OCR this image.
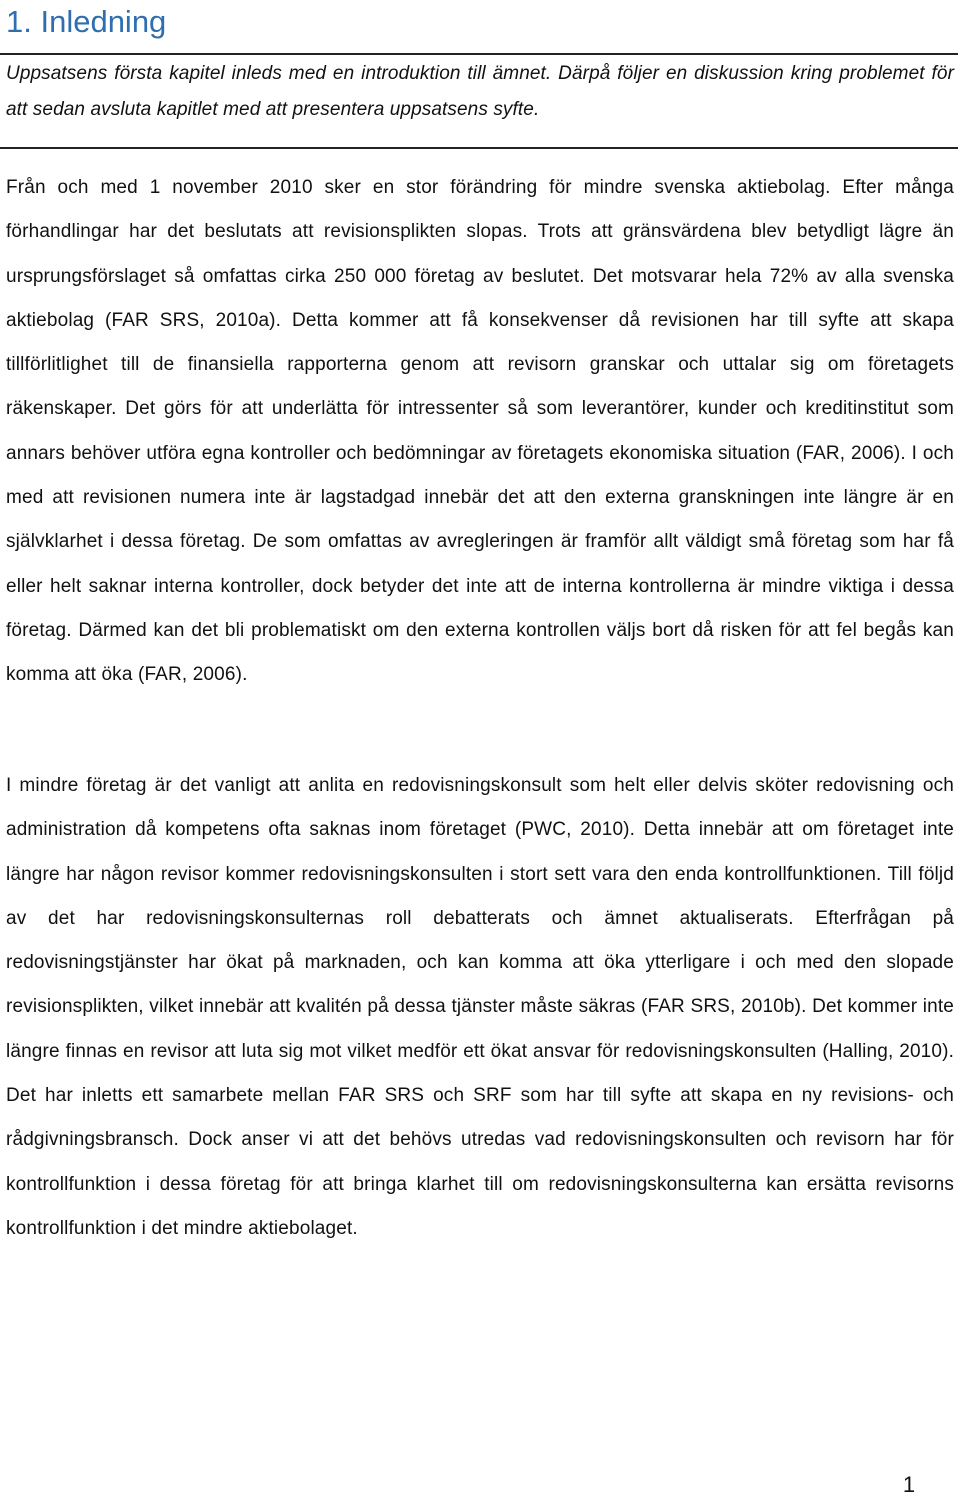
1. Inledning

Uppsatsens första kapitel inleds med en introduktion till ämnet. Därpå följer en diskussion kring problemet för att sedan avsluta kapitlet med att presentera uppsatsens syfte.

Från och med 1 november 2010 sker en stor förändring för mindre svenska aktiebolag. Efter många förhandlingar har det beslutats att revisionsplikten slopas. Trots att gränsvärdena blev betydligt lägre än ursprungsförslaget så omfattas cirka 250 000 företag av beslutet. Det motsvarar hela 72% av alla svenska aktiebolag (FAR SRS, 2010a). Detta kommer att få konsekvenser då revisionen har till syfte att skapa tillförlitlighet till de finansiella rapporterna genom att revisorn granskar och uttalar sig om företagets räkenskaper. Det görs för att underlätta för intressenter så som leverantörer, kunder och kreditinstitut som annars behöver utföra egna kontroller och bedömningar av företagets ekonomiska situation (FAR, 2006). I och med att revisionen numera inte är lagstadgad innebär det att den externa granskningen inte längre är en självklarhet i dessa företag. De som omfattas av avregleringen är framför allt väldigt små företag som har få eller helt saknar interna kontroller, dock betyder det inte att de interna kontrollerna är mindre viktiga i dessa företag. Därmed kan det bli problematiskt om den externa kontrollen väljs bort då risken för att fel begås kan komma att öka (FAR, 2006).

I mindre företag är det vanligt att anlita en redovisningskonsult som helt eller delvis sköter redovisning och administration då kompetens ofta saknas inom företaget (PWC, 2010). Detta innebär att om företaget inte längre har någon revisor kommer redovisningskonsulten i stort sett vara den enda kontrollfunktionen. Till följd av det har redovisningskonsulternas roll debatterats och ämnet aktualiserats. Efterfrågan på redovisningstjänster har ökat på marknaden, och kan komma att öka ytterligare i och med den slopade revisionsplikten, vilket innebär att kvalitén på dessa tjänster måste säkras (FAR SRS, 2010b). Det kommer inte längre finnas en revisor att luta sig mot vilket medför ett ökat ansvar för redovisningskonsulten (Halling, 2010). Det har inletts ett samarbete mellan FAR SRS och SRF som har till syfte att skapa en ny revisions- och rådgivningsbransch. Dock anser vi att det behövs utredas vad redovisningskonsulten och revisorn har för kontrollfunktion i dessa företag för att bringa klarhet till om redovisningskonsulterna kan ersätta revisorns kontrollfunktion i det mindre aktiebolaget.

1
